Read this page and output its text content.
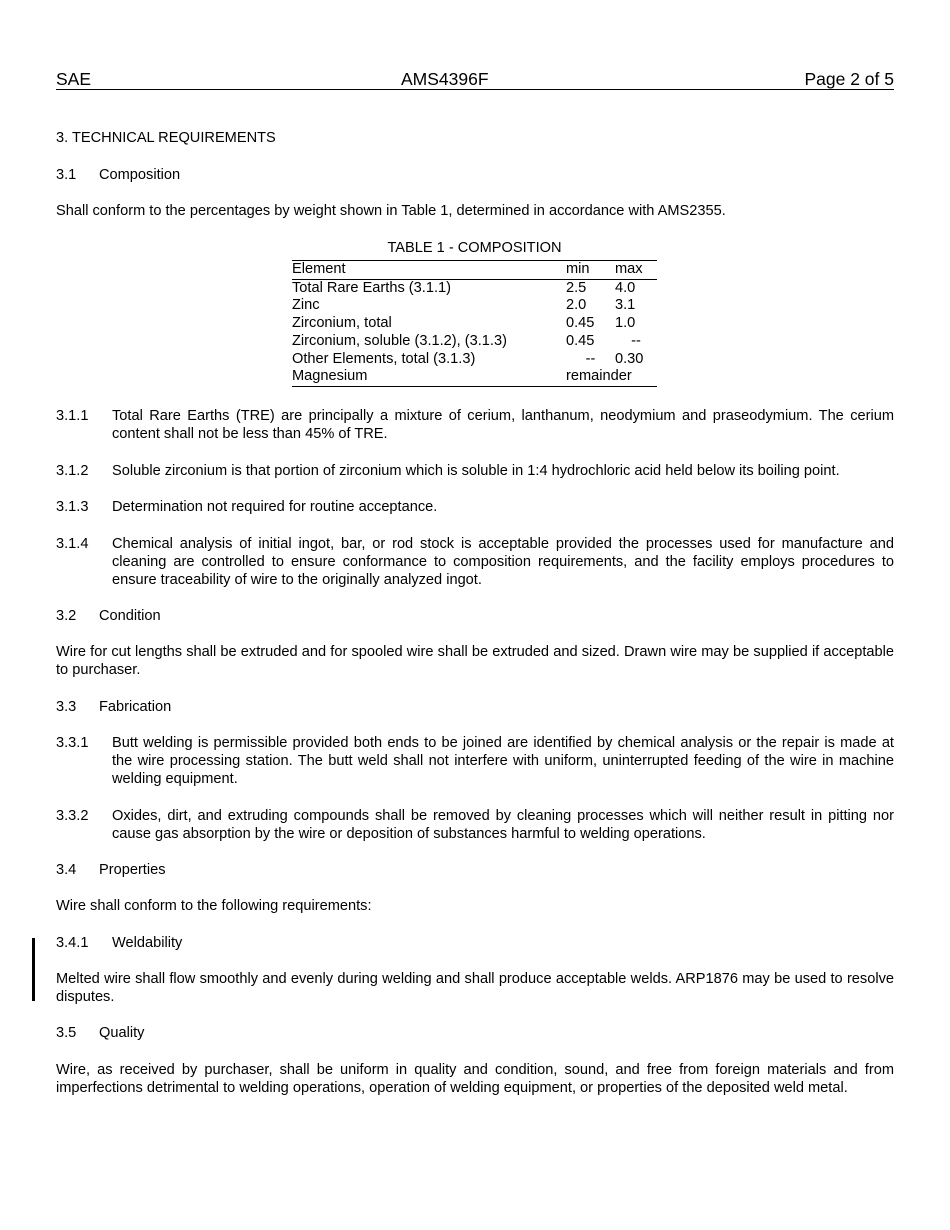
SAE	AMS4396F	Page 2 of 5
3. TECHNICAL REQUIREMENTS
3.1 Composition
Shall conform to the percentages by weight shown in Table 1, determined in accordance with AMS2355.
TABLE 1 - COMPOSITION
Element	min	max
Total Rare Earths (3.1.1)	2.5	4.0
Zinc	2.0	3.1
Zirconium, total	0.45	1.0
Zirconium, soluble (3.1.2), (3.1.3)	0.45	--
Other Elements, total (3.1.3)	--	0.30
Magnesium	remainder	
3.1.1 Total Rare Earths (TRE) are principally a mixture of cerium, lanthanum, neodymium and praseodymium. The cerium content shall not be less than 45% of TRE.
3.1.2 Soluble zirconium is that portion of zirconium which is soluble in 1:4 hydrochloric acid held below its boiling point.
3.1.3 Determination not required for routine acceptance.
3.1.4 Chemical analysis of initial ingot, bar, or rod stock is acceptable provided the processes used for manufacture and cleaning are controlled to ensure conformance to composition requirements, and the facility employs procedures to ensure traceability of wire to the originally analyzed ingot.
3.2 Condition
Wire for cut lengths shall be extruded and for spooled wire shall be extruded and sized. Drawn wire may be supplied if acceptable to purchaser.
3.3 Fabrication
3.3.1 Butt welding is permissible provided both ends to be joined are identified by chemical analysis or the repair is made at the wire processing station. The butt weld shall not interfere with uniform, uninterrupted feeding of the wire in machine welding equipment.
3.3.2 Oxides, dirt, and extruding compounds shall be removed by cleaning processes which will neither result in pitting nor cause gas absorption by the wire or deposition of substances harmful to welding operations.
3.4 Properties
Wire shall conform to the following requirements:
3.4.1 Weldability
Melted wire shall flow smoothly and evenly during welding and shall produce acceptable welds. ARP1876 may be used to resolve disputes.
3.5 Quality
Wire, as received by purchaser, shall be uniform in quality and condition, sound, and free from foreign materials and from imperfections detrimental to welding operations, operation of welding equipment, or properties of the deposited weld metal.
